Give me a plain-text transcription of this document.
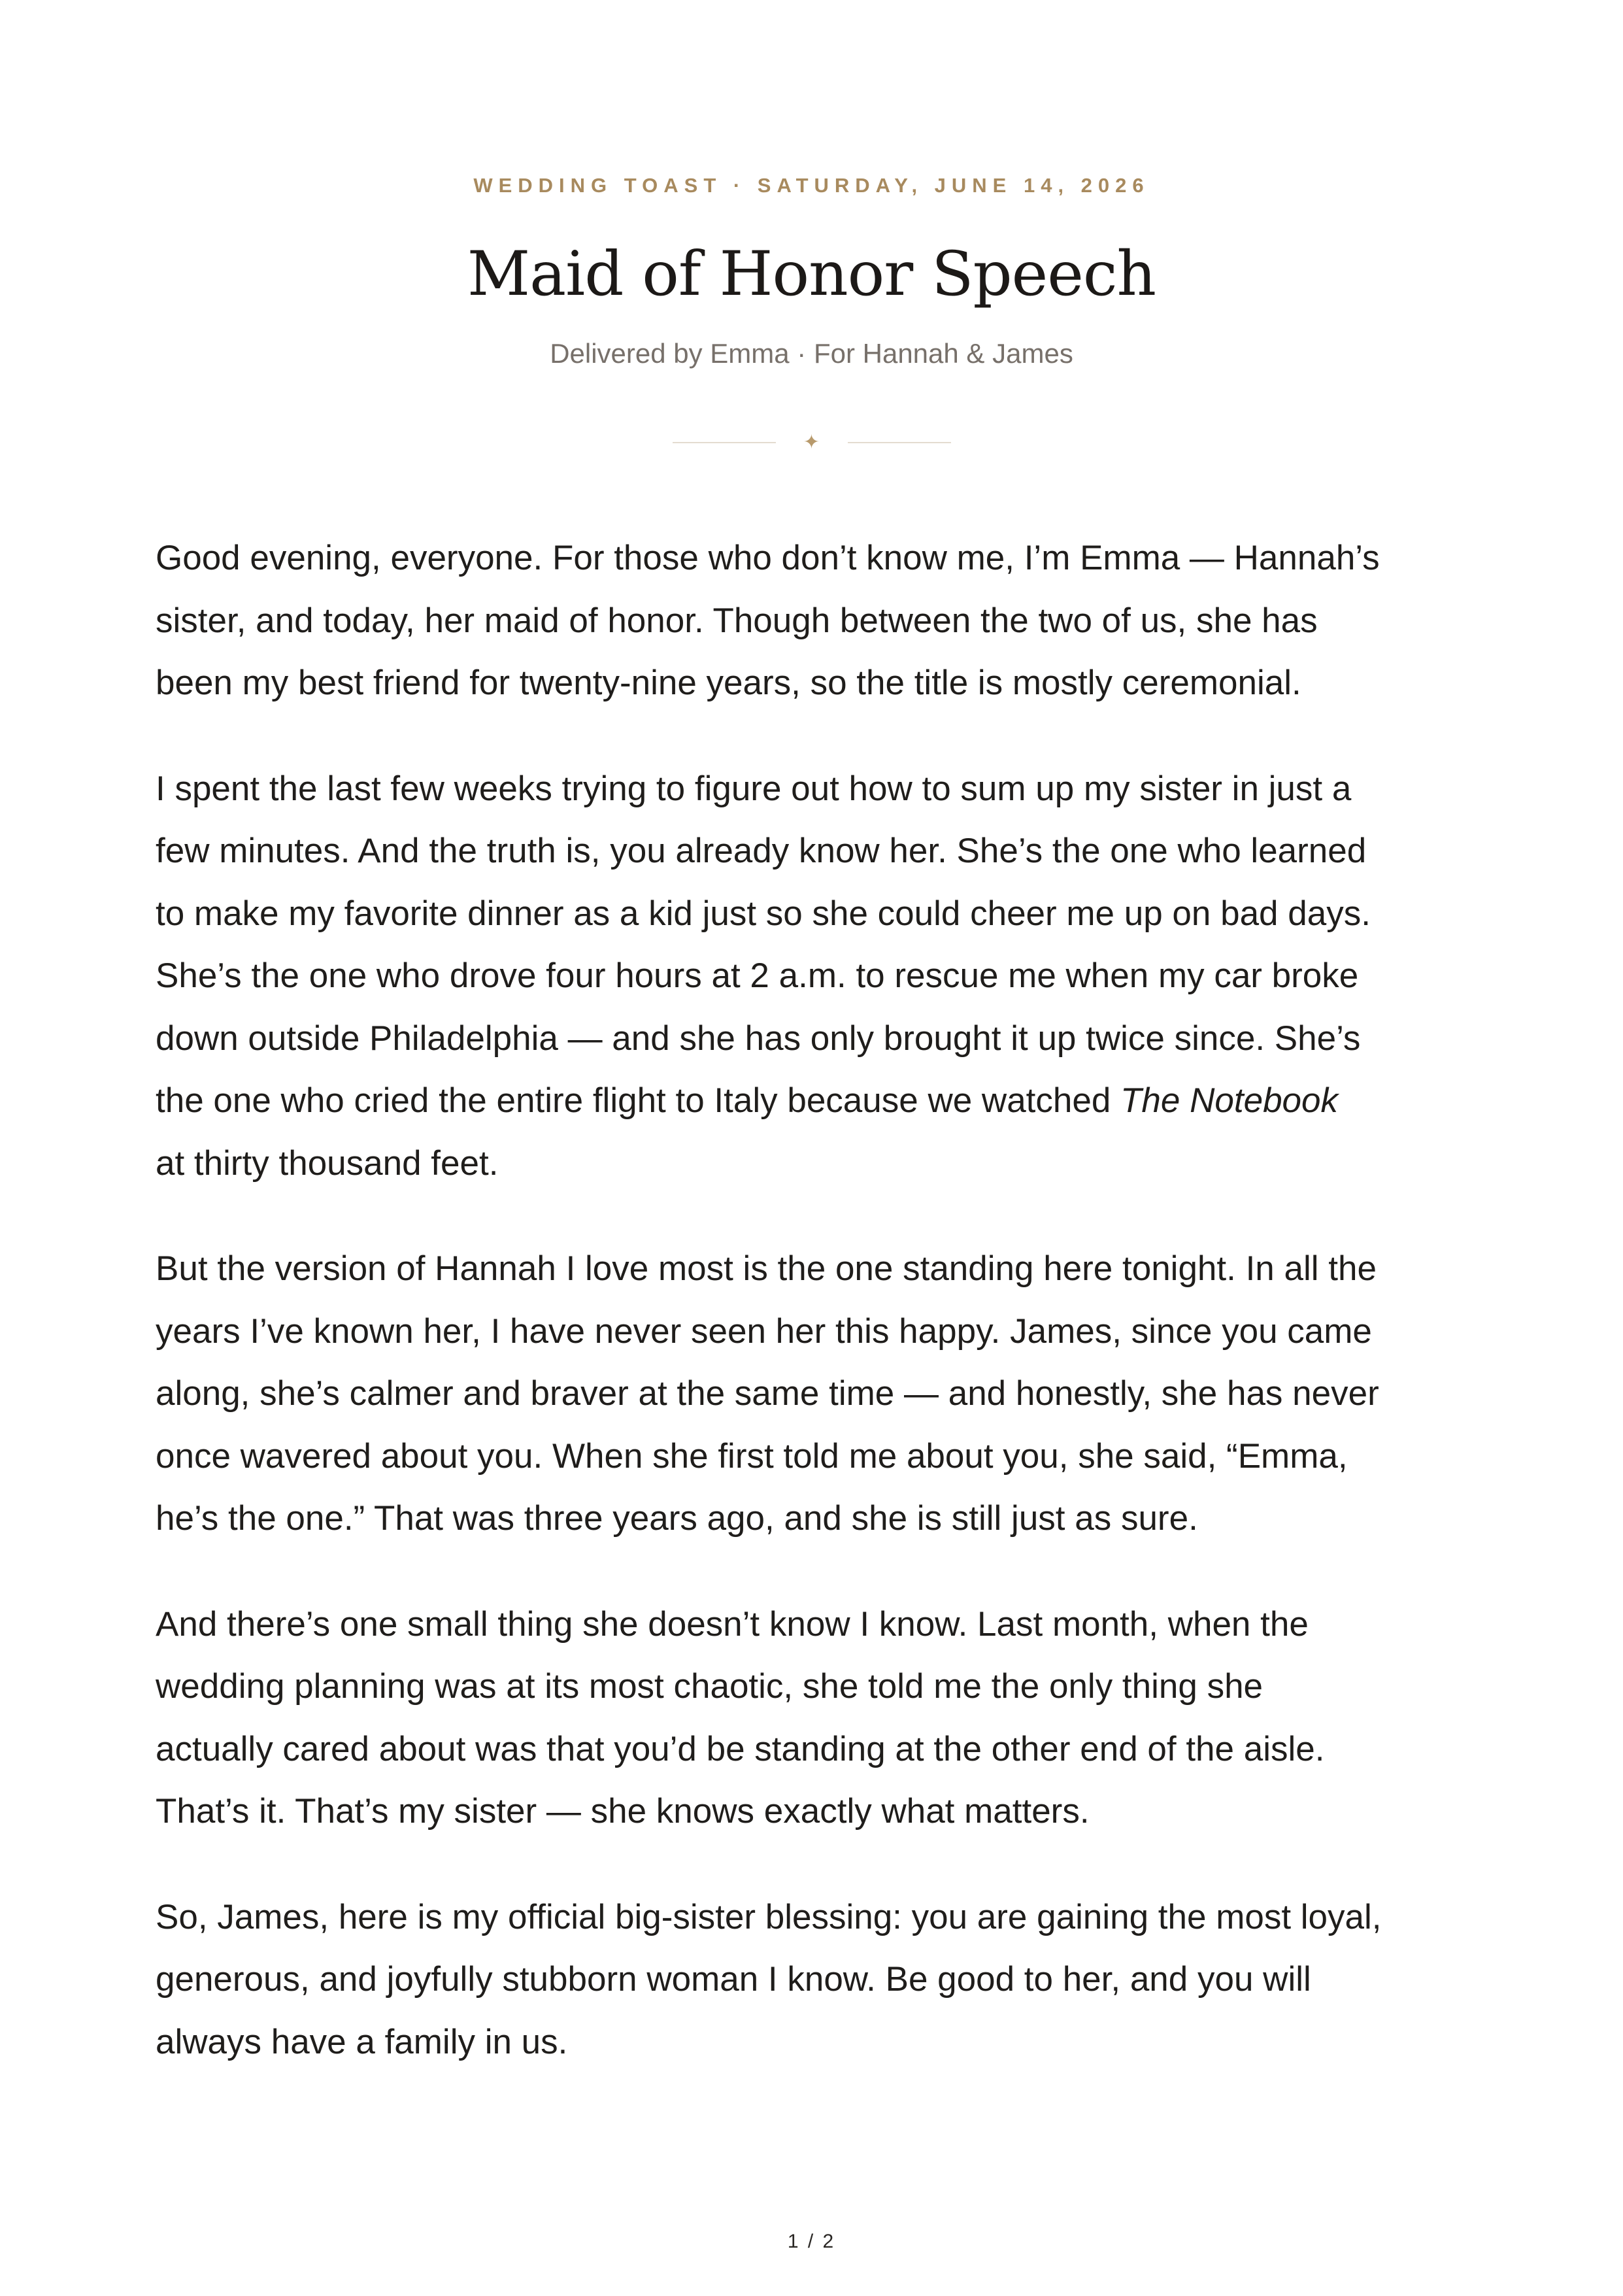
WEDDING TOAST · SATURDAY, JUNE 14, 2026
Maid of Honor Speech
Delivered by Emma · For Hannah & James
✦

Good evening, everyone. For those who don’t know me, I’m Emma — Hannah’s
sister, and today, her maid of honor. Though between the two of us, she has
been my best friend for twenty-nine years, so the title is mostly ceremonial.

I spent the last few weeks trying to figure out how to sum up my sister in just a
few minutes. And the truth is, you already know her. She’s the one who learned
to make my favorite dinner as a kid just so she could cheer me up on bad days.
She’s the one who drove four hours at 2 a.m. to rescue me when my car broke
down outside Philadelphia — and she has only brought it up twice since. She’s
the one who cried the entire flight to Italy because we watched The Notebook
at thirty thousand feet.

But the version of Hannah I love most is the one standing here tonight. In all the
years I’ve known her, I have never seen her this happy. James, since you came
along, she’s calmer and braver at the same time — and honestly, she has never
once wavered about you. When she first told me about you, she said, “Emma,
he’s the one.” That was three years ago, and she is still just as sure.

And there’s one small thing she doesn’t know I know. Last month, when the
wedding planning was at its most chaotic, she told me the only thing she
actually cared about was that you’d be standing at the other end of the aisle.
That’s it. That’s my sister — she knows exactly what matters.

So, James, here is my official big-sister blessing: you are gaining the most loyal,
generous, and joyfully stubborn woman I know. Be good to her, and you will
always have a family in us.

1 / 2
